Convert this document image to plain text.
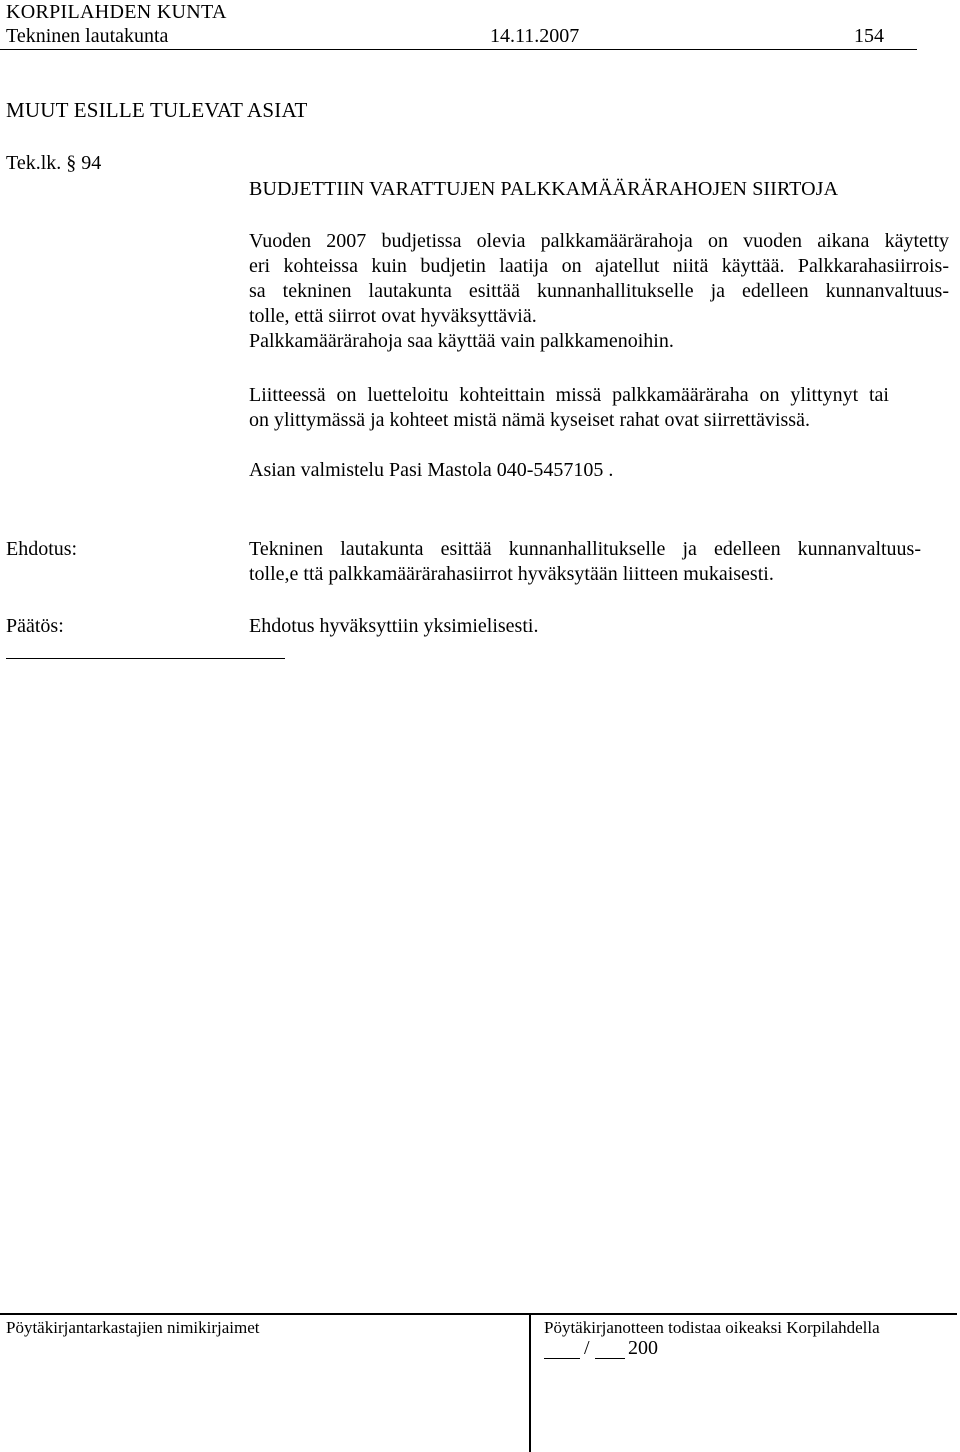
KORPILAHDEN KUNTA
Tekninen lautakunta	14.11.2007	154
MUUT ESILLE TULEVAT ASIAT
Tek.lk. § 94
BUDJETTIIN VARATTUJEN PALKKAMÄÄRÄRAHOJEN SIIRTOJA
Vuoden 2007 budjetissa olevia palkkamäärärahoja on vuoden aikana käytetty
eri kohteissa kuin budjetin laatija on ajatellut niitä käyttää. Palkkarahasiirrois-
sa tekninen lautakunta esittää kunnanhallitukselle ja edelleen kunnanvaltuus-
tolle, että siirrot ovat hyväksyttäviä.
Palkkamäärärahoja saa käyttää vain palkkamenoihin.
Liitteessä on luetteloitu kohteittain missä palkkamääräraha on ylittynyt tai
on ylittymässä ja kohteet mistä nämä kyseiset rahat ovat siirrettävissä.
Asian valmistelu Pasi Mastola 040-5457105 .
Ehdotus:	Tekninen lautakunta esittää kunnanhallitukselle ja edelleen kunnanvaltuus-
tolle,e ttä palkkamäärärahasiirrot hyväksytään liitteen mukaisesti.
Päätös:	Ehdotus hyväksyttiin yksimielisesti.
Pöytäkirjantarkastajien nimikirjaimet	Pöytäkirjanotteen todistaa oikeaksi Korpilahdella
/ 200
